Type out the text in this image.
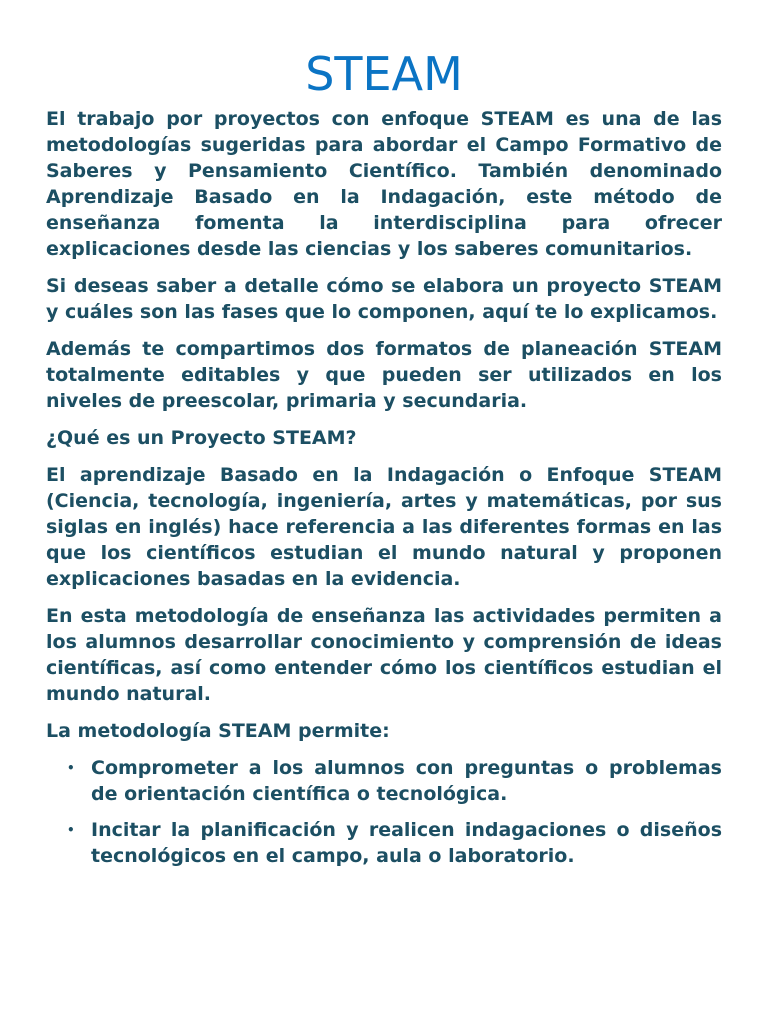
STEAM

El trabajo por proyectos con enfoque STEAM es una de las metodologías sugeridas para abordar el Campo Formativo de Saberes y Pensamiento Científico. También denominado Aprendizaje Basado en la Indagación, este método de enseñanza fomenta la interdisciplina para ofrecer explicaciones desde las ciencias y los saberes comunitarios.

Si deseas saber a detalle cómo se elabora un proyecto STEAM y cuáles son las fases que lo componen, aquí te lo explicamos.

Además te compartimos dos formatos de planeación STEAM totalmente editables y que pueden ser utilizados en los niveles de preescolar, primaria y secundaria.

¿Qué es un Proyecto STEAM?

El aprendizaje Basado en la Indagación o Enfoque STEAM (Ciencia, tecnología, ingeniería, artes y matemáticas, por sus siglas en inglés) hace referencia a las diferentes formas en las que los científicos estudian el mundo natural y proponen explicaciones basadas en la evidencia.

En esta metodología de enseñanza las actividades permiten a los alumnos desarrollar conocimiento y comprensión de ideas científicas, así como entender cómo los científicos estudian el mundo natural.

La metodología STEAM permite:

• Comprometer a los alumnos con preguntas o problemas de orientación científica o tecnológica.
• Incitar la planificación y realicen indagaciones o diseños tecnológicos en el campo, aula o laboratorio.
